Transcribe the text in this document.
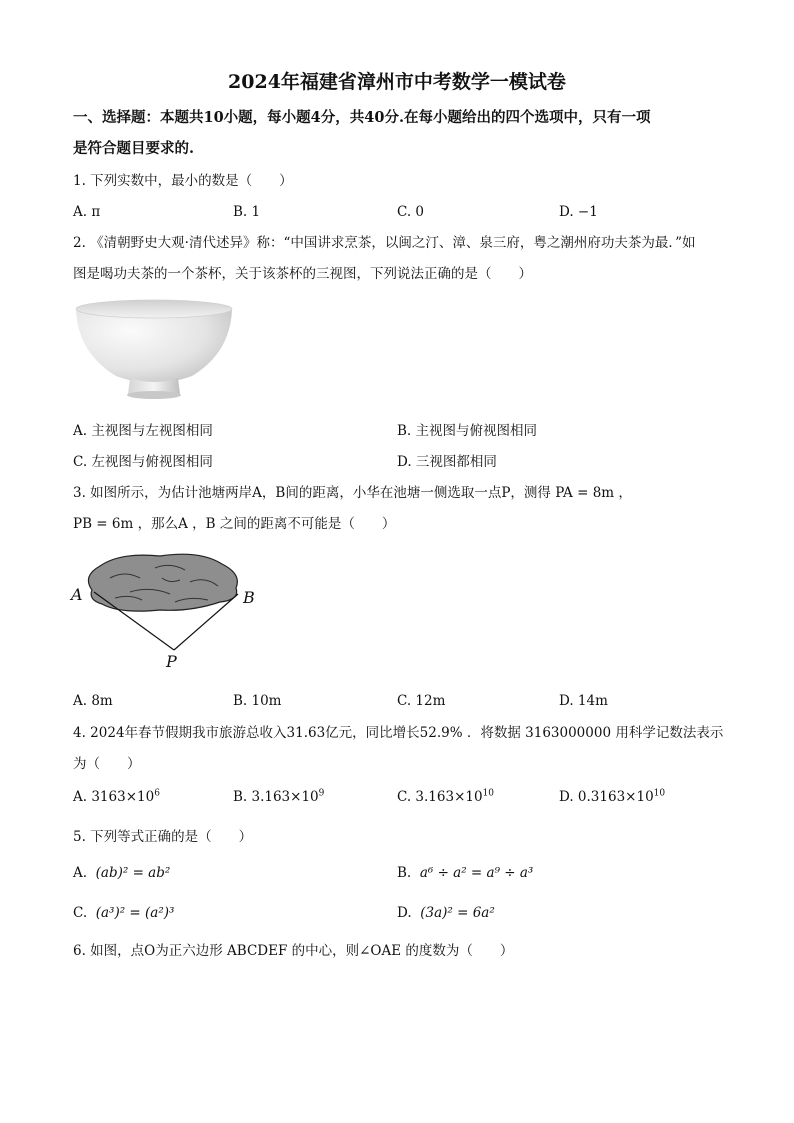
2024年福建省漳州市中考数学一模试卷
一、选择题：本题共10小题，每小题4分，共40分.在每小题给出的四个选项中，只有一项
是符合题目要求的.
1. 下列实数中，最小的数是（　　）
A. π	B. 1	C. 0	D. −1
2. 《清朝野史大观·清代述异》称：“中国讲求烹茶，以闽之汀、漳、泉三府，粤之潮州府功夫茶为最．”如
图是喝功夫茶的一个茶杯，关于该茶杯的三视图，下列说法正确的是（　　）
A. 主视图与左视图相同	B. 主视图与俯视图相同
C. 左视图与俯视图相同	D. 三视图都相同
3. 如图所示，为估计池塘两岸A，B间的距离，小华在池塘一侧选取一点P，测得 PA = 8m ，
PB = 6m ，那么A ，B 之间的距离不可能是（　　）
A	B
P
A. 8m	B. 10m	C. 12m	D. 14m
4. 2024年春节假期我市旅游总收入31.63亿元，同比增长52.9% ．将数据 3163000000 用科学记数法表示
为（　　）
A. $3163\times 10^6$	B. $3.163\times 10^9$	C. $3.163\times 10^{10}$	D. $0.3163\times 10^{10}$
5. 下列等式正确的是（　　）
A. (ab)² = ab²	B. a⁶ ÷ a² = a⁹ ÷ a³
C. (a³)² = (a²)³	D. (3a)² = 6a²
6. 如图，点O为正六边形 ABCDEF 的中心，则∠OAE 的度数为（　　）
